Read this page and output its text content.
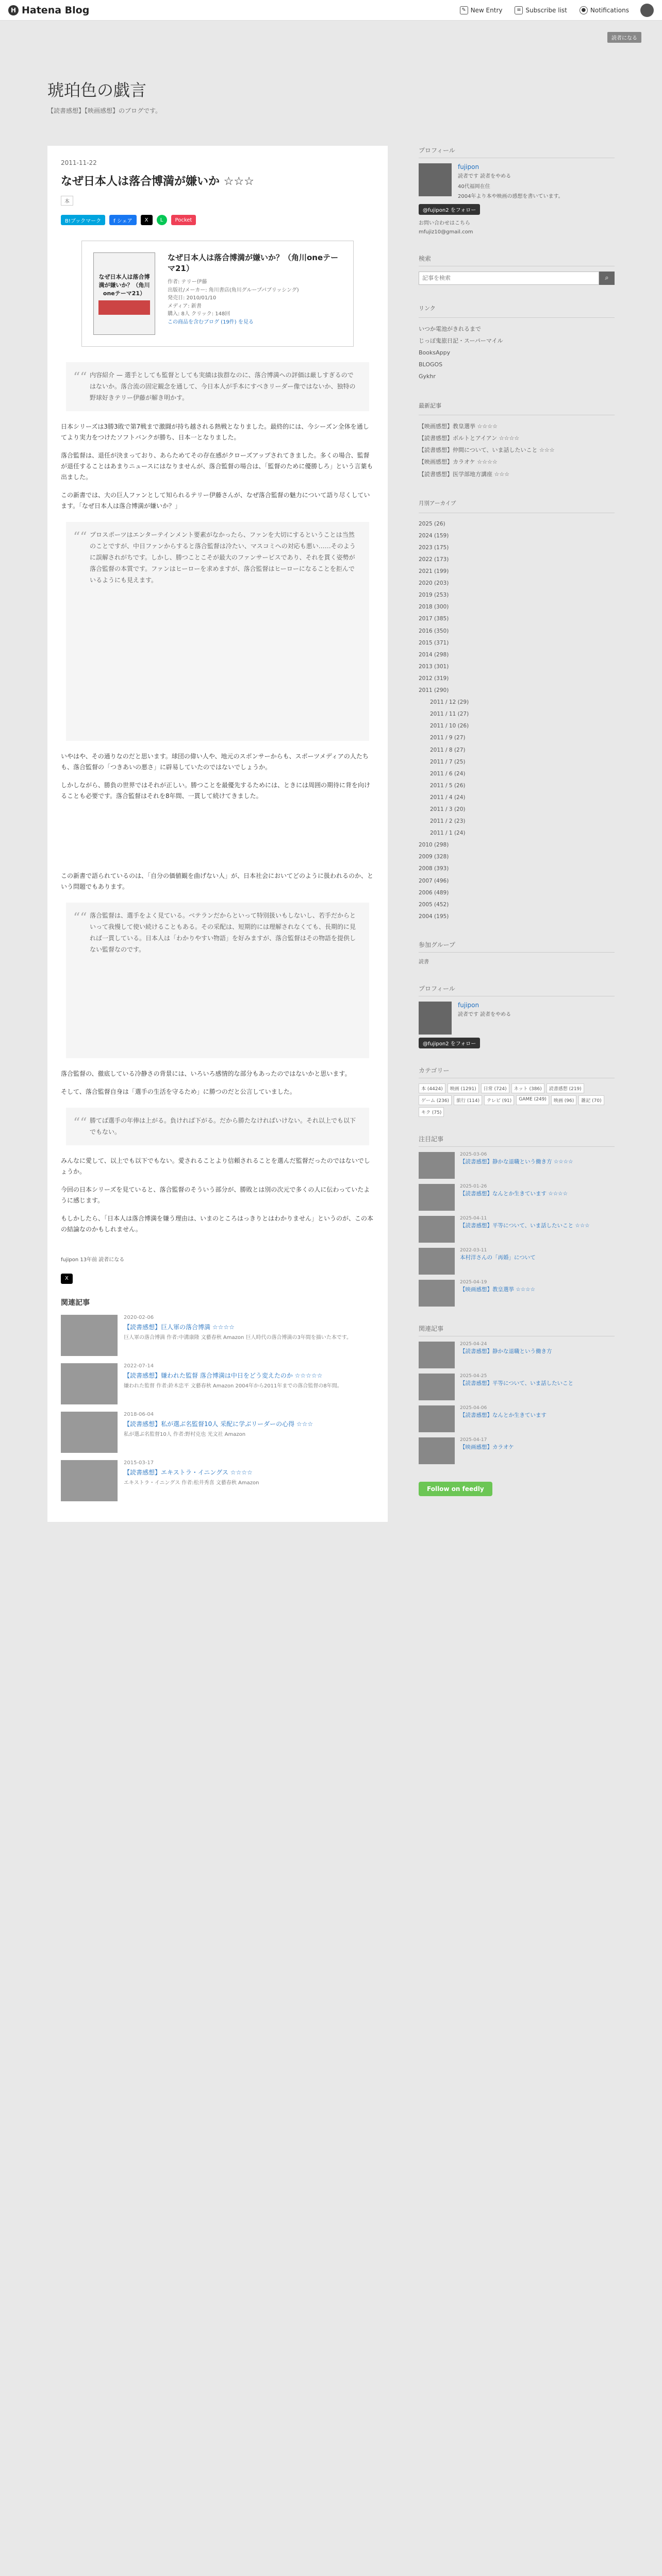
H Hatena Blog	✎ New Entry	≡ Subscribe list	● Notifications
読者になる
琥珀色の戯言
【読書感想】【映画感想】のブログです。
2011-11-22
なぜ日本人は落合博満が嫌いか ☆☆☆
本
B!ブックマーク	f シェア	X	L	Pocket
なぜ日本人は落合博満が嫌いか？（角川oneテーマ21）
なぜ日本人は落合博満が嫌いか？（角川oneテーマ21）
作者: テリー伊藤
出版社/メーカー: 角川書店(角川グループパブリッシング)
発売日: 2010/01/10
メディア: 新書
購入: 8人 クリック: 148回
この商品を含むブログ (19件) を見る
““ 内容紹介 — 選手としても監督としても実績は抜群なのに、落合博満への評価は厳しすぎるのではないか。落合流の固定観念を通して、今日本人が手本にすべきリーダー像ではないか、独特の野球好きテリー伊藤が解き明かす。

日本シリーズは3勝3敗で第7戦まで激闘が持ち越される熱戦となりました。最終的には、今シーズン全体を通してより実力をつけたソフトバンクが勝ち、日本一となりました。

落合監督は、退任が決まっており、あらためてその存在感がクローズアップされてきました。多くの場合、監督が退任することはあまりニュースにはなりませんが、落合監督の場合は、「監督のために優勝しろ」という言葉も出ました。

この新書では、大の巨人ファンとして知られるテリー伊藤さんが、なぜ落合監督の魅力について語り尽くしています。「なぜ日本人は落合博満が嫌いか？」

““ プロスポーツはエンターテインメント要素がなかったら、ファンを大切にするということは当然のことですが、中日ファンからすると落合監督は冷たい、マスコミへの対応も悪い……そのように誤解されがちです。しかし、勝つことこそが最大のファンサービスであり、それを貫く姿勢が落合監督の本質です。ファンはヒーローを求めますが、落合監督はヒーローになることを拒んでいるようにも見えます。

いやはや、その通りなのだと思います。球団の偉い人や、地元のスポンサーからも、スポーツメディアの人たちも、落合監督の「つきあいの悪さ」に辟易していたのではないでしょうか。

しかしながら、勝負の世界ではそれが正しい。勝つことを最優先するためには、ときには周囲の期待に背を向けることも必要です。落合監督はそれを8年間、一貫して続けてきました。

この新書で語られているのは、「自分の価値観を曲げない人」が、日本社会においてどのように扱われるのか、という問題でもあります。

““ 落合監督は、選手をよく見ている。ベテランだからといって特別扱いもしないし、若手だからといって我慢して使い続けることもある。その采配は、短期的には理解されなくても、長期的に見れば一貫している。日本人は「わかりやすい物語」を好みますが、落合監督はその物語を提供しない監督なのです。

落合監督の、徹底している冷静さの背景には、いろいろ感情的な部分もあったのではないかと思います。

そして、落合監督自身は「選手の生活を守るため」に勝つのだと公言していました。

““ 勝てば選手の年俸は上がる。負ければ下がる。だから勝たなければいけない。それ以上でも以下でもない。

みんなに愛して、以上でも以下でもない。愛されることより信頼されることを選んだ監督だったのではないでしょうか。

今回の日本シリーズを見ていると、落合監督のそういう部分が、勝敗とは別の次元で多くの人に伝わっていたように感じます。

もしかしたら、「日本人は落合博満を嫌う理由は、いまのところはっきりとはわかりません」というのが、この本の結論なのかもしれません。

fujipon 13年前 読者になる
X
関連記事
2020-02-06
【読書感想】巨人軍の落合博満 ☆☆☆☆
巨人軍の落合博満 作者:中溝康隆 文藝春秋 Amazon 巨人時代の落合博満の3年間を描いた本です。
2022-07-14
【読書感想】嫌われた監督 落合博満は中日をどう変えたのか ☆☆☆☆☆
嫌われた監督 作者:鈴木忠平 文藝春秋 Amazon 2004年から2011年までの落合監督の8年間。
2018-06-04
【読書感想】私が選ぶ名監督10人 采配に学ぶリーダーの心得 ☆☆☆
私が選ぶ名監督10人 作者:野村克也 光文社 Amazon
2015-03-17
【読書感想】エキストラ・イニングス ☆☆☆☆
エキストラ・イニングス 作者:松井秀喜 文藝春秋 Amazon
プロフィール
fujipon
読者です 読者をやめる
40代福岡在住
2004年より本や映画の感想を書いています。
@fujipon2 をフォロー
お問い合わせはこちら
mfujiz10@gmail.com
検索
記事を検索
⌕
リンク
いつか電池がきれるまで
じっぽ鬼旅日記・スーパーマイル
BooksAppy
BLOGOS
Gykhr
最新記事
【映画感想】教皇選挙 ☆☆☆☆
【読書感想】ボルトとアイアン ☆☆☆☆
【読書感想】仲間について、いま話したいこと ☆☆☆
【映画感想】カラオケ ☆☆☆☆
【読書感想】医学部地方講座 ☆☆☆
月別アーカイブ
2025 (26)
2024 (159)
2023 (175)
2022 (173)
2021 (199)
2020 (203)
2019 (253)
2018 (300)
2017 (385)
2016 (350)
2015 (371)
2014 (298)
2013 (301)
2012 (319)
2011 (290)
2011 / 12 (29)
2011 / 11 (27)
2011 / 10 (26)
2011 / 9 (27)
2011 / 8 (27)
2011 / 7 (25)
2011 / 6 (24)
2011 / 5 (26)
2011 / 4 (24)
2011 / 3 (20)
2011 / 2 (23)
2011 / 1 (24)
2010 (298)
2009 (328)
2008 (393)
2007 (496)
2006 (489)
2005 (452)
2004 (195)
参加グループ
読書
プロフィール
fujipon
読者です 読者をやめる
@fujipon2 をフォロー
カテゴリー
本 (4424)	映画 (1291)	日常 (724)	ネット (386)	読書感想 (219)
ゲーム (236)	旅行 (114)	テレビ (91)	GAME (249)	映画 (96)	雑記 (70)
キク (75)
注目記事
2025-03-06
【読書感想】静かな退職という働き方 ☆☆☆☆
2025-01-26
【読書感想】なんとか生きています ☆☆☆☆
2025-04-11
【読書感想】平等について、いま話したいこと ☆☆☆
2022-03-11
本村洋さんの「再婚」について
2025-04-19
【映画感想】教皇選挙 ☆☆☆☆
関連記事
2025-04-24
【読書感想】静かな退職という働き方
2025-04-25
【読書感想】平等について、いま話したいこと
2025-04-06
【読書感想】なんとか生きています
2025-04-17
【映画感想】カラオケ
Follow on feedly
